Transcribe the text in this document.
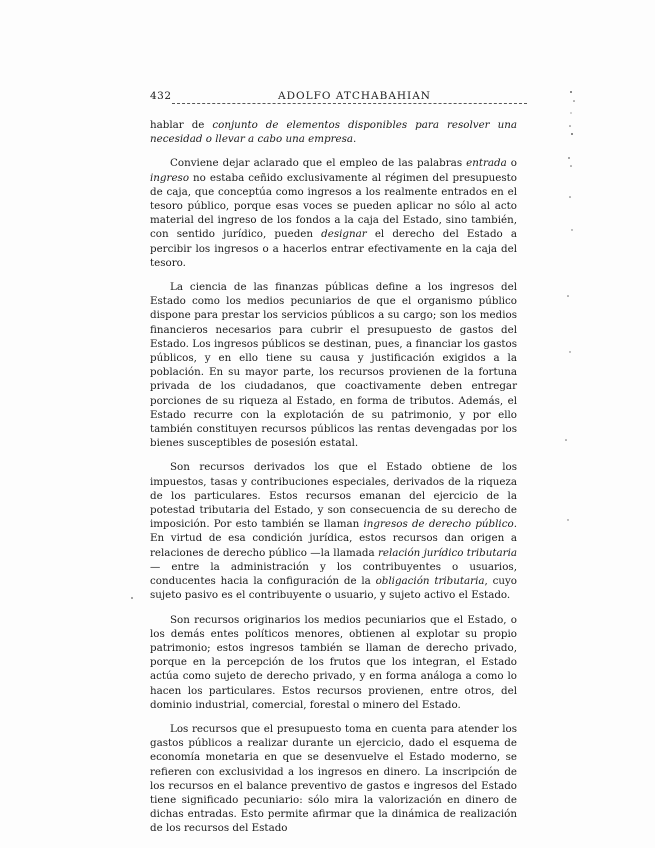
432	ADOLFO ATCHABAHIAN

hablar de conjunto de elementos disponibles para resolver una necesidad o llevar a cabo una empresa.

Conviene dejar aclarado que el empleo de las palabras entrada o ingreso no estaba ceñido exclusivamente al régimen del presupuesto de caja, que conceptúa como ingresos a los realmente entrados en el tesoro público, porque esas voces se pueden aplicar no sólo al acto material del ingreso de los fondos a la caja del Estado, sino también, con sentido jurídico, pueden designar el derecho del Estado a percibir los ingresos o a hacerlos entrar efectivamente en la caja del tesoro.

La ciencia de las finanzas públicas define a los ingresos del Estado como los medios pecuniarios de que el organismo público dispone para prestar los servicios públicos a su cargo; son los medios financieros necesarios para cubrir el presupuesto de gastos del Estado. Los ingresos públicos se destinan, pues, a financiar los gastos públicos, y en ello tiene su causa y justificación exigidos a la población. En su mayor parte, los recursos provienen de la fortuna privada de los ciudadanos, que coactivamente deben entregar porciones de su riqueza al Estado, en forma de tributos. Además, el Estado recurre con la explotación de su patrimonio, y por ello también constituyen recursos públicos las rentas devengadas por los bienes susceptibles de posesión estatal.

Son recursos derivados los que el Estado obtiene de los impuestos, tasas y contribuciones especiales, derivados de la riqueza de los particulares. Estos recursos emanan del ejercicio de la potestad tributaria del Estado, y son consecuencia de su derecho de imposición. Por esto también se llaman ingresos de derecho público. En virtud de esa condición jurídica, estos recursos dan origen a relaciones de derecho público —la llamada relación jurídico tributaria— entre la administración y los contribuyentes o usuarios, conducentes hacia la configuración de la obligación tributaria, cuyo sujeto pasivo es el contribuyente o usuario, y sujeto activo el Estado.

Son recursos originarios los medios pecuniarios que el Estado, o los demás entes políticos menores, obtienen al explotar su propio patrimonio; estos ingresos también se llaman de derecho privado, porque en la percepción de los frutos que los integran, el Estado actúa como sujeto de derecho privado, y en forma análoga a como lo hacen los particulares. Estos recursos provienen, entre otros, del dominio industrial, comercial, forestal o minero del Estado.

Los recursos que el presupuesto toma en cuenta para atender los gastos públicos a realizar durante un ejercicio, dado el esquema de economía monetaria en que se desenvuelve el Estado moderno, se refieren con exclusividad a los ingresos en dinero. La inscripción de los recursos en el balance preventivo de gastos e ingresos del Estado tiene significado pecuniario: sólo mira la valorización en dinero de dichas entradas. Esto permite afirmar que la dinámica de realización de los recursos del Estado
